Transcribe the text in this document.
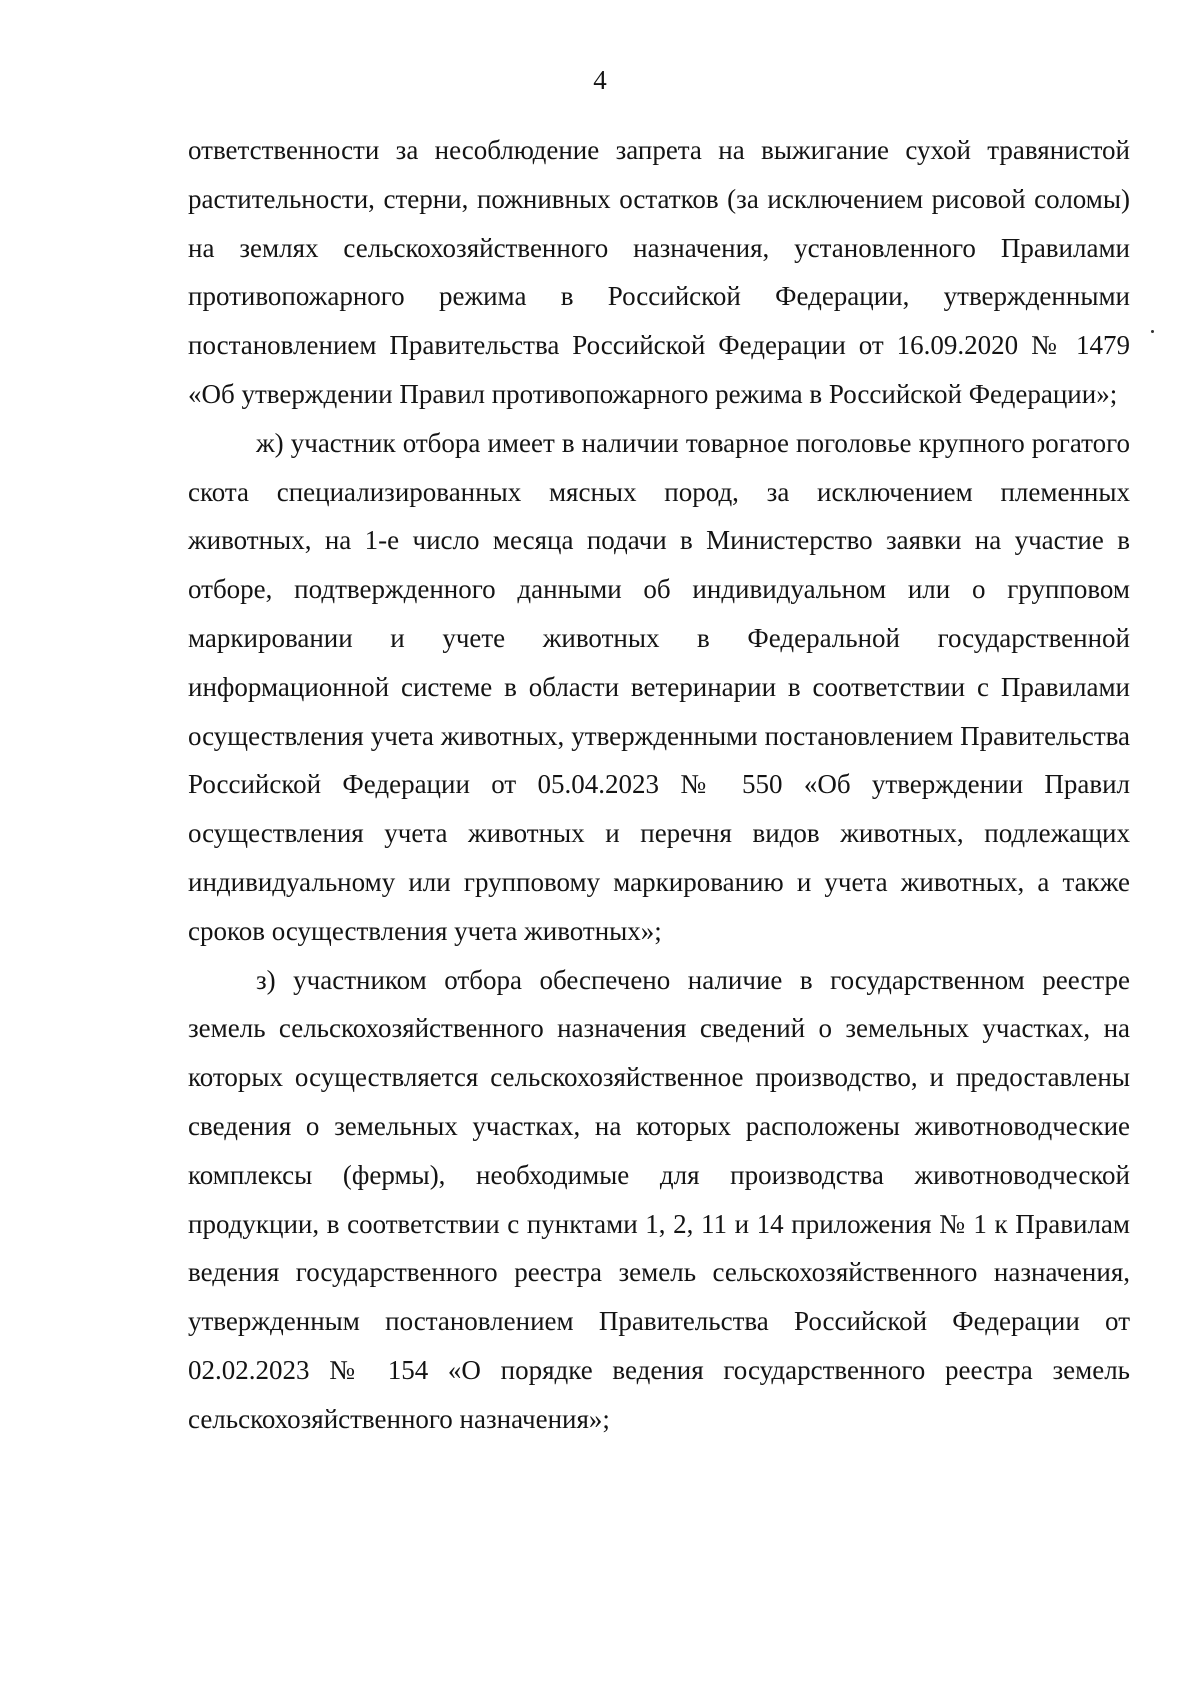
4

ответственности за несоблюдение запрета на выжигание сухой травянистой растительности, стерни, пожнивных остатков (за исключением рисовой соломы) на землях сельскохозяйственного назначения, установленного Правилами противопожарного режима в Российской Федерации, утвержденными постановлением Правительства Российской Федерации от 16.09.2020 № 1479 «Об утверждении Правил противопожарного режима в Российской Федерации»;

ж) участник отбора имеет в наличии товарное поголовье крупного рогатого скота специализированных мясных пород, за исключением племенных животных, на 1-е число месяца подачи в Министерство заявки на участие в отборе, подтвержденного данными об индивидуальном или о групповом маркировании и учете животных в Федеральной государственной информационной системе в области ветеринарии в соответствии с Правилами осуществления учета животных, утвержденными постановлением Правительства Российской Федерации от 05.04.2023 № 550 «Об утверждении Правил осуществления учета животных и перечня видов животных, подлежащих индивидуальному или групповому маркированию и учета животных, а также сроков осуществления учета животных»;

з) участником отбора обеспечено наличие в государственном реестре земель сельскохозяйственного назначения сведений о земельных участках, на которых осуществляется сельскохозяйственное производство, и предоставлены сведения о земельных участках, на которых расположены животноводческие комплексы (фермы), необходимые для производства животноводческой продукции, в соответствии с пунктами 1, 2, 11 и 14 приложения № 1 к Правилам ведения государственного реестра земель сельскохозяйственного назначения, утвержденным постановлением Правительства Российской Федерации от 02.02.2023 № 154 «О порядке ведения государственного реестра земель сельскохозяйственного назначения»;
